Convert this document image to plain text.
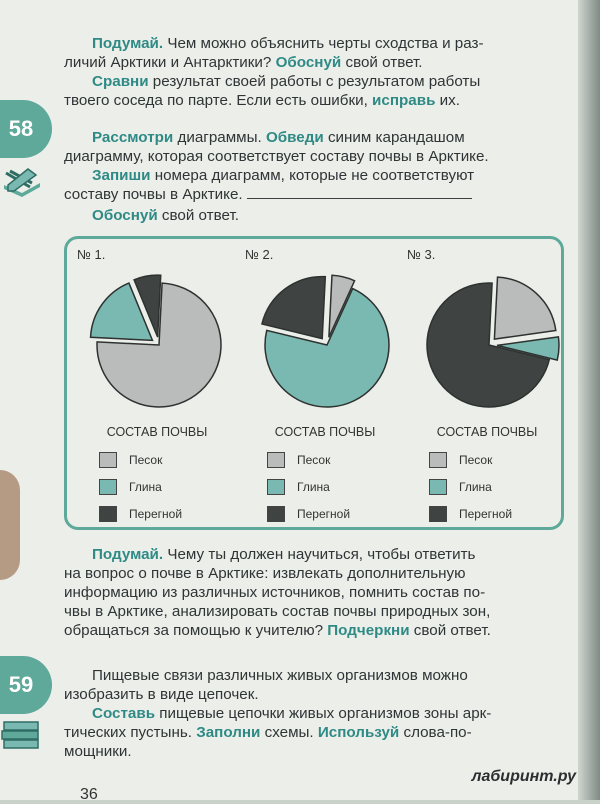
Подумай. Чем можно объяснить черты сходства и раз-
личий Арктики и Антарктики? Обоснуй свой ответ.
Сравни результат своей работы с результатом работы
твоего соседа по парте. Если есть ошибки, исправь их.
58	Рассмотри диаграммы. Обведи синим карандашом
диаграмму, которая соответствует составу почвы в Арктике.
Запиши номера диаграмм, которые не соответствуют
составу почвы в Арктике.
Обоснуй свой ответ.
№ 1.
СОСТАВ ПОЧВЫ
Песок
Глина
Перегной
№ 2.
СОСТАВ ПОЧВЫ
Песок
Глина
Перегной
№ 3.
СОСТАВ ПОЧВЫ
Песок
Глина
Перегной
Подумай. Чему ты должен научиться, чтобы ответить
на вопрос о почве в Арктике: извлекать дополнительную
информацию из различных источников, помнить состав по-
чвы в Арктике, анализировать состав почвы природных зон,
обращаться за помощью к учителю? Подчеркни свой ответ.
59	Пищевые связи различных живых организмов можно
изобразить в виде цепочек.
Составь пищевые цепочки живых организмов зоны арк-
тических пустынь. Заполни схемы. Используй слова-по-
мощники.
36
лабиринт.ру
